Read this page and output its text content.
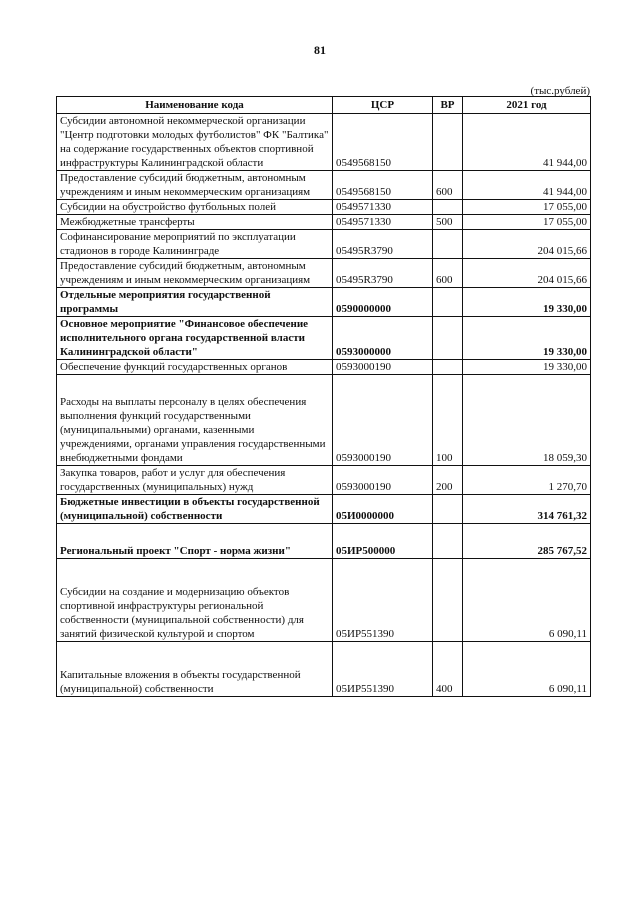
81
(тыс.рублей)
Наименование кода	ЦСР	ВР	2021 год
Субсидии автономной некоммерческой организации "Центр подготовки молодых футболистов" ФК "Балтика" на содержание государственных объектов спортивной инфраструктуры Калининградской области	0549568150		41 944,00
Предоставление субсидий бюджетным, автономным учреждениям и иным некоммерческим организациям	0549568150	600	41 944,00
Субсидии на обустройство футбольных полей	0549571330		17 055,00
Межбюджетные трансферты	0549571330	500	17 055,00
Софинансирование мероприятий по эксплуатации стадионов в городе Калининграде	05495R3790		204 015,66
Предоставление субсидий бюджетным, автономным учреждениям и иным некоммерческим организациям	05495R3790	600	204 015,66
Отдельные мероприятия государственной программы	0590000000		19 330,00
Основное мероприятие "Финансовое обеспечение исполнительного органа государственной власти Калининградской области"	0593000000		19 330,00
Обеспечение функций государственных органов	0593000190		19 330,00
Расходы на выплаты персоналу в целях обеспечения выполнения функций государственными (муниципальными) органами, казенными учреждениями, органами управления государственными внебюджетными фондами	0593000190	100	18 059,30
Закупка товаров, работ и услуг для обеспечения государственных (муниципальных) нужд	0593000190	200	1 270,70
Бюджетные инвестиции в объекты государственной (муниципальной) собственности	05И0000000		314 761,32
Региональный проект "Спорт - норма жизни"	05ИР500000		285 767,52
Субсидии на создание и модернизацию объектов спортивной инфраструктуры региональной собственности (муниципальной собственности) для занятий физической культурой и спортом	05ИР551390		6 090,11
Капитальные вложения в объекты государственной (муниципальной) собственности	05ИР551390	400	6 090,11
